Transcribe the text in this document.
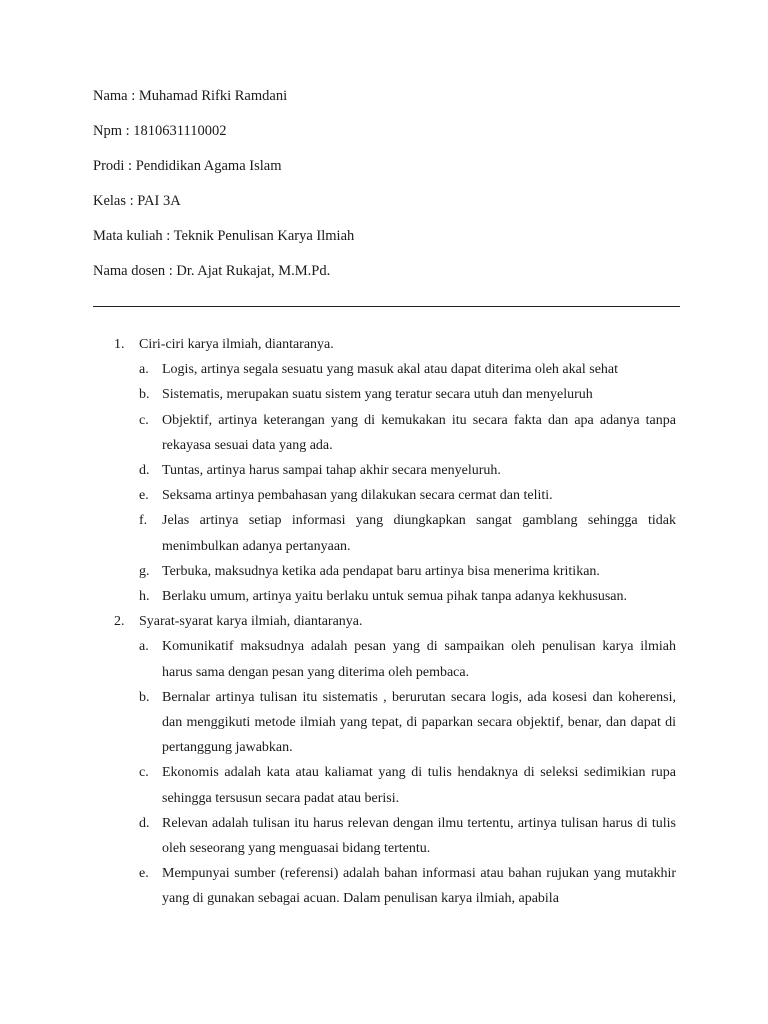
Nama : Muhamad Rifki Ramdani
Npm : 1810631110002
Prodi : Pendidikan Agama Islam
Kelas : PAI 3A
Mata kuliah : Teknik Penulisan Karya Ilmiah
Nama dosen : Dr. Ajat Rukajat, M.M.Pd.
1. Ciri-ciri karya ilmiah, diantaranya.
a. Logis, artinya segala sesuatu yang masuk akal atau dapat diterima oleh akal sehat
b. Sistematis, merupakan suatu sistem yang teratur secara utuh dan menyeluruh
c. Objektif, artinya keterangan yang di kemukakan itu secara fakta dan apa adanya tanpa rekayasa sesuai data yang ada.
d. Tuntas, artinya harus sampai tahap akhir secara menyeluruh.
e. Seksama artinya pembahasan yang dilakukan secara cermat dan teliti.
f. Jelas artinya setiap informasi yang diungkapkan sangat gamblang sehingga tidak menimbulkan adanya pertanyaan.
g. Terbuka, maksudnya ketika ada pendapat baru artinya bisa menerima kritikan.
h. Berlaku umum, artinya yaitu berlaku untuk semua pihak tanpa adanya kekhususan.
2. Syarat-syarat karya ilmiah, diantaranya.
a. Komunikatif maksudnya adalah pesan yang di sampaikan oleh penulisan karya ilmiah harus sama dengan pesan yang diterima oleh pembaca.
b. Bernalar artinya tulisan itu sistematis , berurutan secara logis, ada kosesi dan koherensi, dan menggikuti metode ilmiah yang tepat, di paparkan secara objektif, benar, dan dapat di pertanggung jawabkan.
c. Ekonomis adalah kata atau kaliamat yang di tulis hendaknya di seleksi sedimikian rupa sehingga tersusun secara padat atau berisi.
d. Relevan adalah tulisan itu harus relevan dengan ilmu tertentu, artinya tulisan harus di tulis oleh seseorang yang menguasai bidang tertentu.
e. Mempunyai sumber (referensi) adalah bahan informasi atau bahan rujukan yang mutakhir yang di gunakan sebagai acuan. Dalam penulisan karya ilmiah, apabila
